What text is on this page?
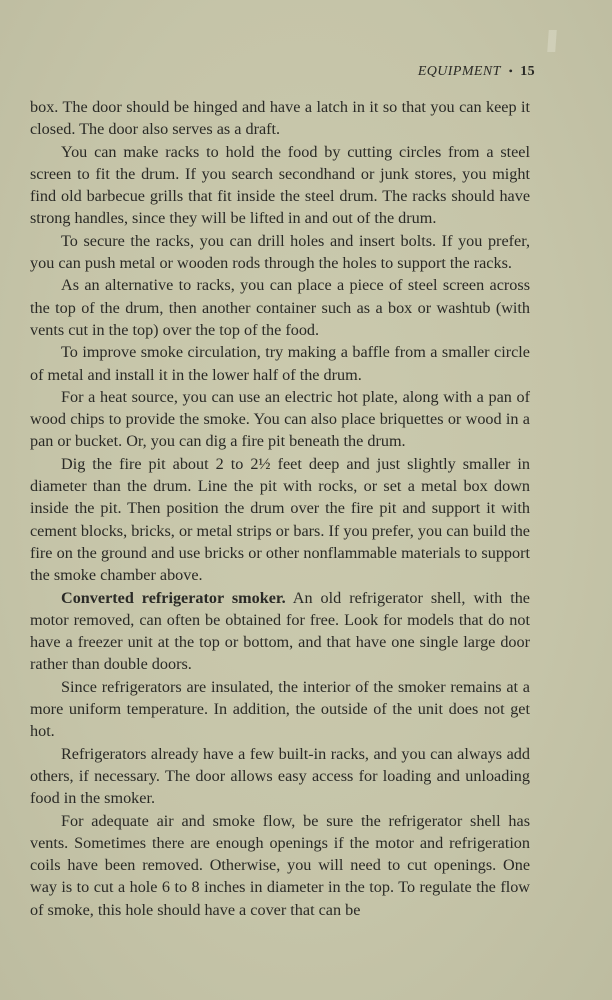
EQUIPMENT • 15

box. The door should be hinged and have a latch in it so that you can keep it closed. The door also serves as a draft.

You can make racks to hold the food by cutting circles from a steel screen to fit the drum. If you search secondhand or junk stores, you might find old barbecue grills that fit inside the steel drum. The racks should have strong handles, since they will be lifted in and out of the drum.

To secure the racks, you can drill holes and insert bolts. If you prefer, you can push metal or wooden rods through the holes to support the racks.

As an alternative to racks, you can place a piece of steel screen across the top of the drum, then another container such as a box or washtub (with vents cut in the top) over the top of the food.

To improve smoke circulation, try making a baffle from a smaller circle of metal and install it in the lower half of the drum.

For a heat source, you can use an electric hot plate, along with a pan of wood chips to provide the smoke. You can also place briquettes or wood in a pan or bucket. Or, you can dig a fire pit beneath the drum.

Dig the fire pit about 2 to 2½ feet deep and just slightly smaller in diameter than the drum. Line the pit with rocks, or set a metal box down inside the pit. Then position the drum over the fire pit and support it with cement blocks, bricks, or metal strips or bars. If you prefer, you can build the fire on the ground and use bricks or other nonflammable materials to support the smoke chamber above.

Converted refrigerator smoker. An old refrigerator shell, with the motor removed, can often be obtained for free. Look for models that do not have a freezer unit at the top or bottom, and that have one single large door rather than double doors.

Since refrigerators are insulated, the interior of the smoker remains at a more uniform temperature. In addition, the outside of the unit does not get hot.

Refrigerators already have a few built-in racks, and you can always add others, if necessary. The door allows easy access for loading and unloading food in the smoker.

For adequate air and smoke flow, be sure the refrigerator shell has vents. Sometimes there are enough openings if the motor and refrigeration coils have been removed. Otherwise, you will need to cut openings. One way is to cut a hole 6 to 8 inches in diameter in the top. To regulate the flow of smoke, this hole should have a cover that can be
